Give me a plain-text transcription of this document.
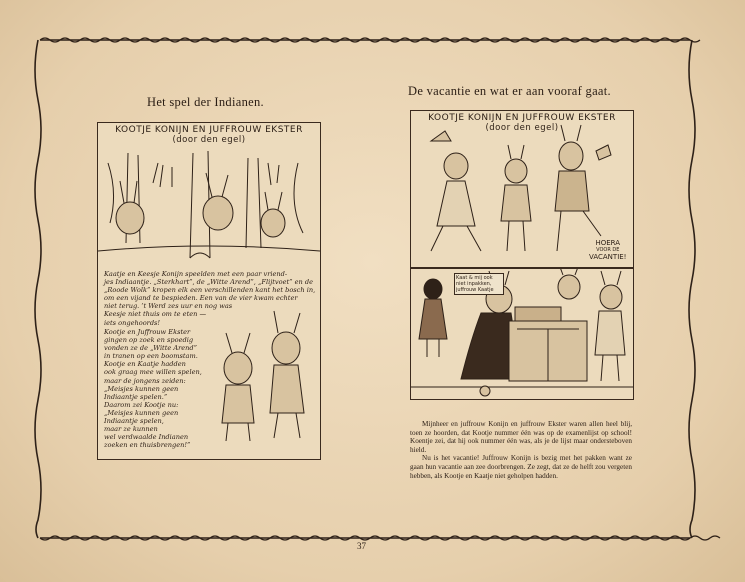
Het spel der Indianen.
De vacantie en wat er aan vooraf gaat.
KOOTJE KONIJN EN JUFFROUW EKSTER
(door den egel)
Kaatje en Keesje Konijn speelden met een paar vriend-
jes Indiaantje. „Sterkhart”, de „Witte Arend”, „Flijtvoet” en de
„Roode Wolk” kropen elk een verschillenden kant het bosch in,
om een vijand te bespieden. Een van de vier kwam echter
niet terug. ’t Werd zes uur en nog was
Keesje niet thuis om te eten —
iets ongehoords!
Kootje en Juffrouw Ekster
gingen op zoek en spoedig
vonden ze de „Witte Arend”
in tranen op een boomstam.
Kootje en Kaatje hadden
ook graag mee willen spelen,
maar de jongens zeiden:
„Meisjes kunnen geen
Indiaantje spelen.”
Daarom zei Kootje nu:
„Meisjes kunnen geen
Indiaantje spelen,
maar ze kunnen
wel verdwaalde Indianen
zoeken en thuisbrengen!”
KOOTJE KONIJN EN JUFFROUW EKSTER
(door den egel)
HOERA
VOOR DE
VACANTIE!
Kaat & mij ook niet inpakken, juffrouw Kaatje
Mijnheer en juffrouw Konijn en juffrouw Ekster waren allen heel blij, toen ze hoorden, dat Kootje nummer één was op de examenlijst op school! Koentje zei, dat hij ook nummer één was, als je de lijst maar ondersteboven hield.
Nu is het vacantie! Juffrouw Konijn is bezig met het pakken want ze gaan hun vacantie aan zee doorbrengen. Ze zegt, dat ze de helft zou vergeten hebben, als Kootje en Kaatje niet geholpen hadden.
37
